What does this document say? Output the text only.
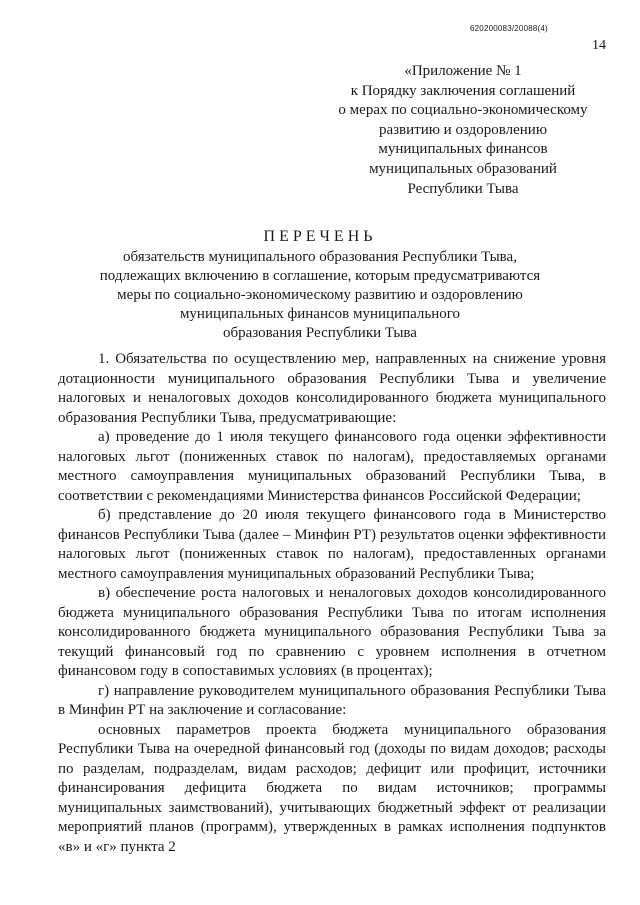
620200083/20088(4)
14
«Приложение № 1
к Порядку заключения соглашений
о мерах по социально-экономическому
развитию и оздоровлению
муниципальных финансов
муниципальных образований
Республики Тыва
ПЕРЕЧЕНЬ
обязательств муниципального образования Республики Тыва,
подлежащих включению в соглашение, которым предусматриваются
меры по социально-экономическому развитию и оздоровлению
муниципальных финансов муниципального
образования Республики Тыва

1. Обязательства по осуществлению мер, направленных на снижение уровня дотационности муниципального образования Республики Тыва и увеличение налоговых и неналоговых доходов консолидированного бюджета муниципального образования Республики Тыва, предусматривающие:

а) проведение до 1 июля текущего финансового года оценки эффективности налоговых льгот (пониженных ставок по налогам), предоставляемых органами местного самоуправления муниципальных образований Республики Тыва, в соответствии с рекомендациями Министерства финансов Российской Федерации;

б) представление до 20 июля текущего финансового года в Министерство финансов Республики Тыва (далее – Минфин РТ) результатов оценки эффективности налоговых льгот (пониженных ставок по налогам), предоставленных органами местного самоуправления муниципальных образований Республики Тыва;

в) обеспечение роста налоговых и неналоговых доходов консолидированного бюджета муниципального образования Республики Тыва по итогам исполнения консолидированного бюджета муниципального образования Республики Тыва за текущий финансовый год по сравнению с уровнем исполнения в отчетном финансовом году в сопоставимых условиях (в процентах);

г) направление руководителем муниципального образования Республики Тыва в Минфин РТ на заключение и согласование:

основных параметров проекта бюджета муниципального образования Республики Тыва на очередной финансовый год (доходы по видам доходов; расходы по разделам, подразделам, видам расходов; дефицит или профицит, источники финансирования дефицита бюджета по видам источников; программы муниципальных заимствований), учитывающих бюджетный эффект от реализации мероприятий планов (программ), утвержденных в рамках исполнения подпунктов «в» и «г» пункта 2
